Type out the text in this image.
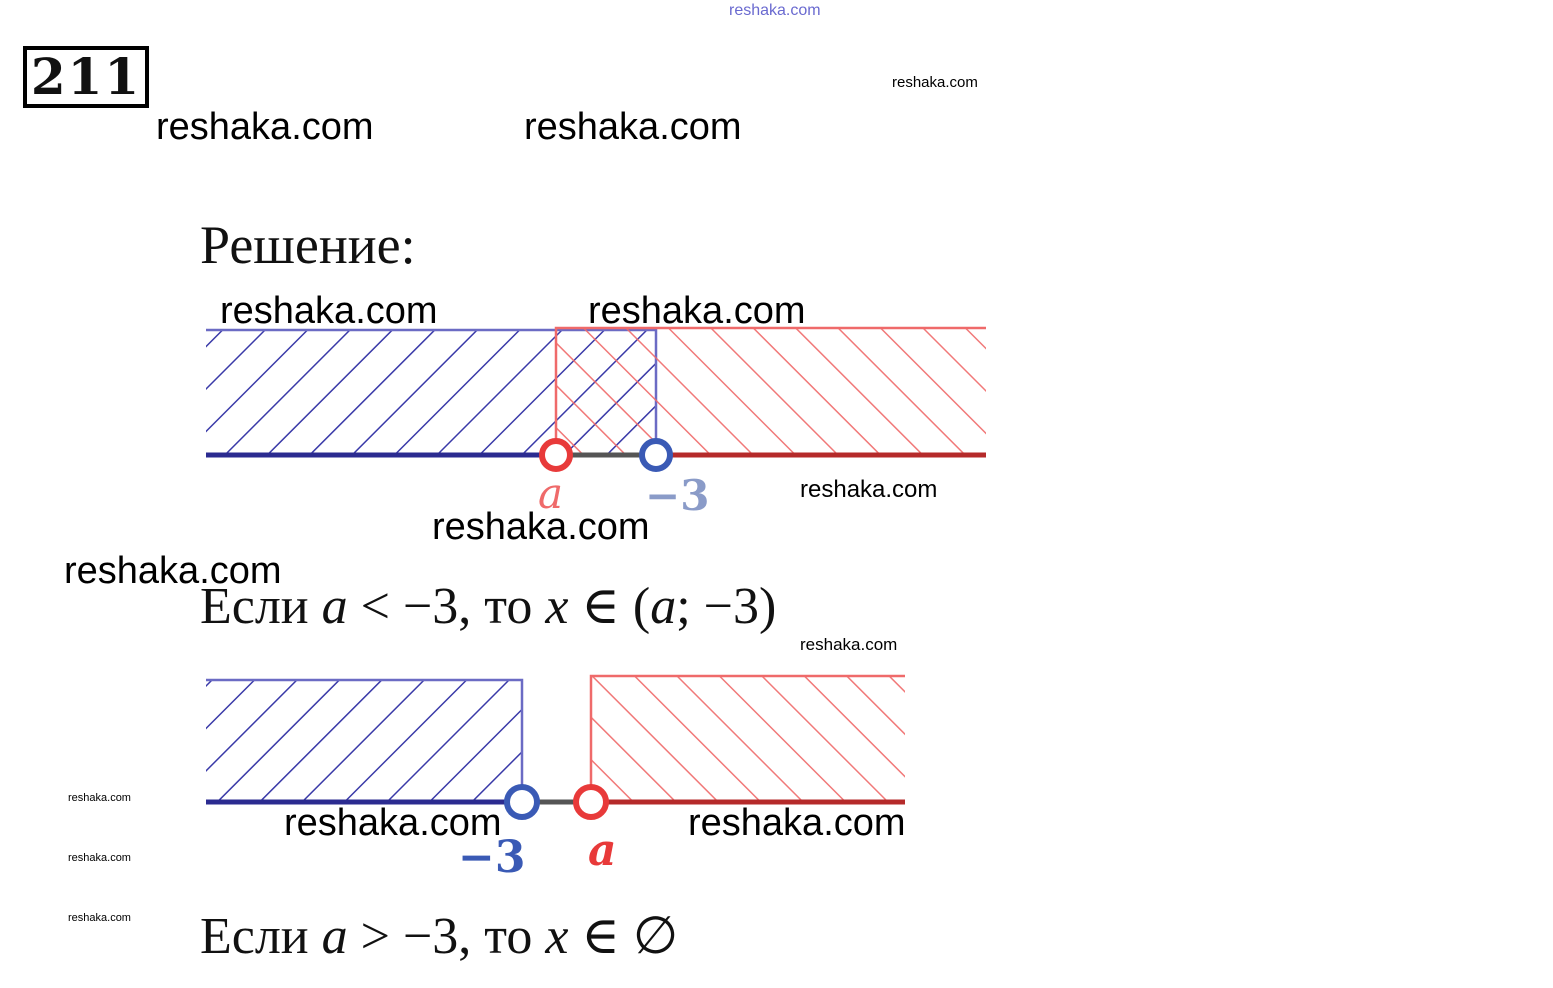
reshaka.com
reshaka.com
reshaka.com	reshaka.com
211
Решение:
a −3
reshaka.com	reshaka.com
reshaka.com
reshaka.com
reshaka.com
Если a < −3, то x ∈ (a; −3)
reshaka.com
−3 a
reshaka.com
reshaka.com	reshaka.com
reshaka.com
reshaka.com Если a > −3, то x ∈ ∅
